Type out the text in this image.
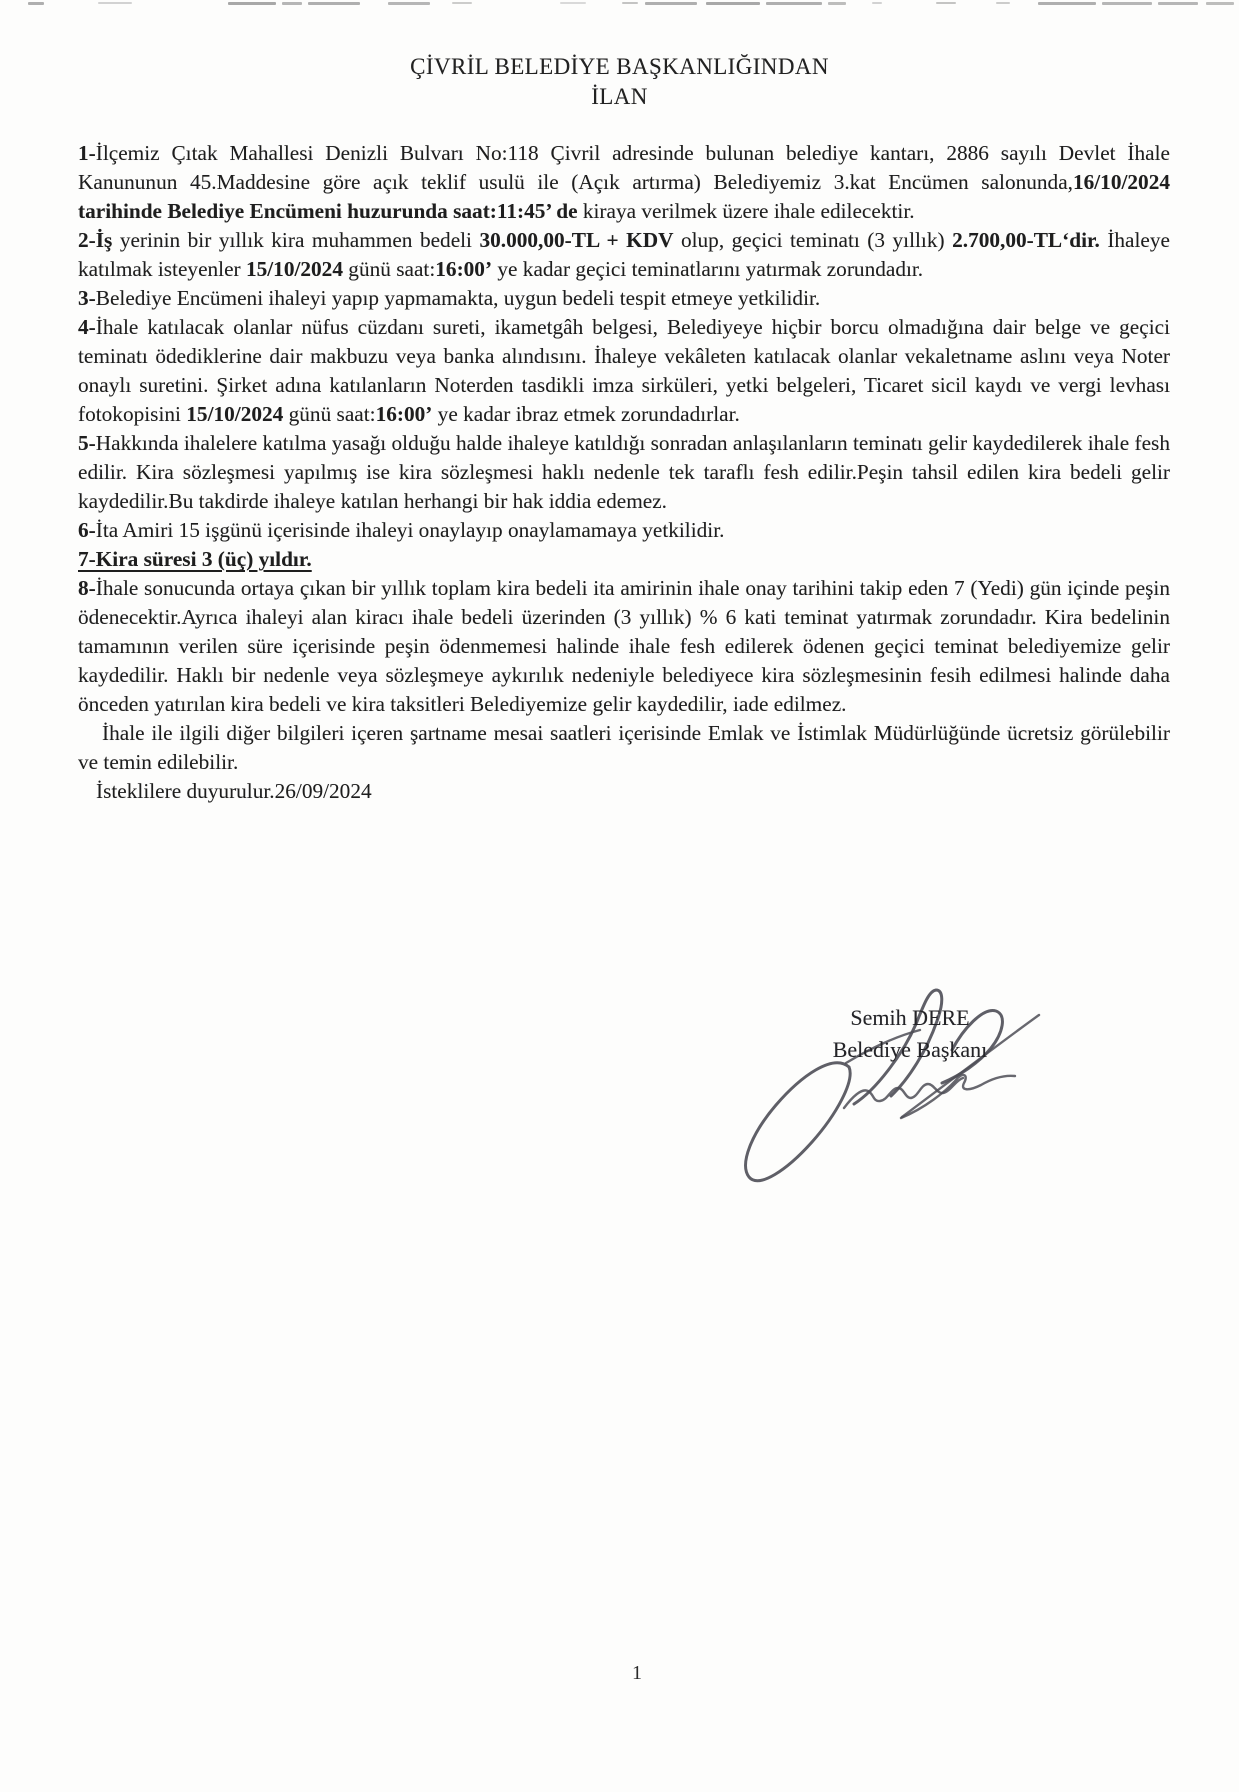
ÇİVRİL BELEDİYE BAŞKANLIĞINDAN
İLAN

1-İlçemiz Çıtak Mahallesi Denizli Bulvarı No:118 Çivril adresinde bulunan belediye kantarı, 2886 sayılı Devlet İhale Kanununun 45.Maddesine göre açık teklif usulü ile (Açık artırma) Belediyemiz 3.kat Encümen salonunda,16/10/2024 tarihinde Belediye Encümeni huzurunda saat:11:45’ de kiraya verilmek üzere ihale edilecektir.

2-İş yerinin bir yıllık kira muhammen bedeli 30.000,00-TL + KDV olup, geçici teminatı (3 yıllık) 2.700,00-TL‘dir. İhaleye katılmak isteyenler 15/10/2024 günü saat:16:00’ ye kadar geçici teminatlarını yatırmak zorundadır.

3-Belediye Encümeni ihaleyi yapıp yapmamakta, uygun bedeli tespit etmeye yetkilidir.

4-İhale katılacak olanlar nüfus cüzdanı sureti, ikametgâh belgesi, Belediyeye hiçbir borcu olmadığına dair belge ve geçici teminatı ödediklerine dair makbuzu veya banka alındısını. İhaleye vekâleten katılacak olanlar vekaletname aslını veya Noter onaylı suretini. Şirket adına katılanların Noterden tasdikli imza sirküleri, yetki belgeleri, Ticaret sicil kaydı ve vergi levhası fotokopisini 15/10/2024 günü saat:16:00’ ye kadar ibraz etmek zorundadırlar.

5-Hakkında ihalelere katılma yasağı olduğu halde ihaleye katıldığı sonradan anlaşılanların teminatı gelir kaydedilerek ihale fesh edilir. Kira sözleşmesi yapılmış ise kira sözleşmesi haklı nedenle tek taraflı fesh edilir.Peşin tahsil edilen kira bedeli gelir kaydedilir.Bu takdirde ihaleye katılan herhangi bir hak iddia edemez.

6-İta Amiri 15 işgünü içerisinde ihaleyi onaylayıp onaylamamaya yetkilidir.

7-Kira süresi 3 (üç) yıldır.

8-İhale sonucunda ortaya çıkan bir yıllık toplam kira bedeli ita amirinin ihale onay tarihini takip eden 7 (Yedi) gün içinde peşin ödenecektir.Ayrıca ihaleyi alan kiracı ihale bedeli üzerinden (3 yıllık) % 6 kati teminat yatırmak zorundadır. Kira bedelinin tamamının verilen süre içerisinde peşin ödenmemesi halinde ihale fesh edilerek ödenen geçici teminat belediyemize gelir kaydedilir. Haklı bir nedenle veya sözleşmeye aykırılık nedeniyle belediyece kira sözleşmesinin fesih edilmesi halinde daha önceden yatırılan kira bedeli ve kira taksitleri Belediyemize gelir kaydedilir, iade edilmez.

İhale ile ilgili diğer bilgileri içeren şartname mesai saatleri içerisinde Emlak ve İstimlak Müdürlüğünde ücretsiz görülebilir ve temin edilebilir.

İsteklilere duyurulur.26/09/2024

Semih DERE
Belediye Başkanı
1
